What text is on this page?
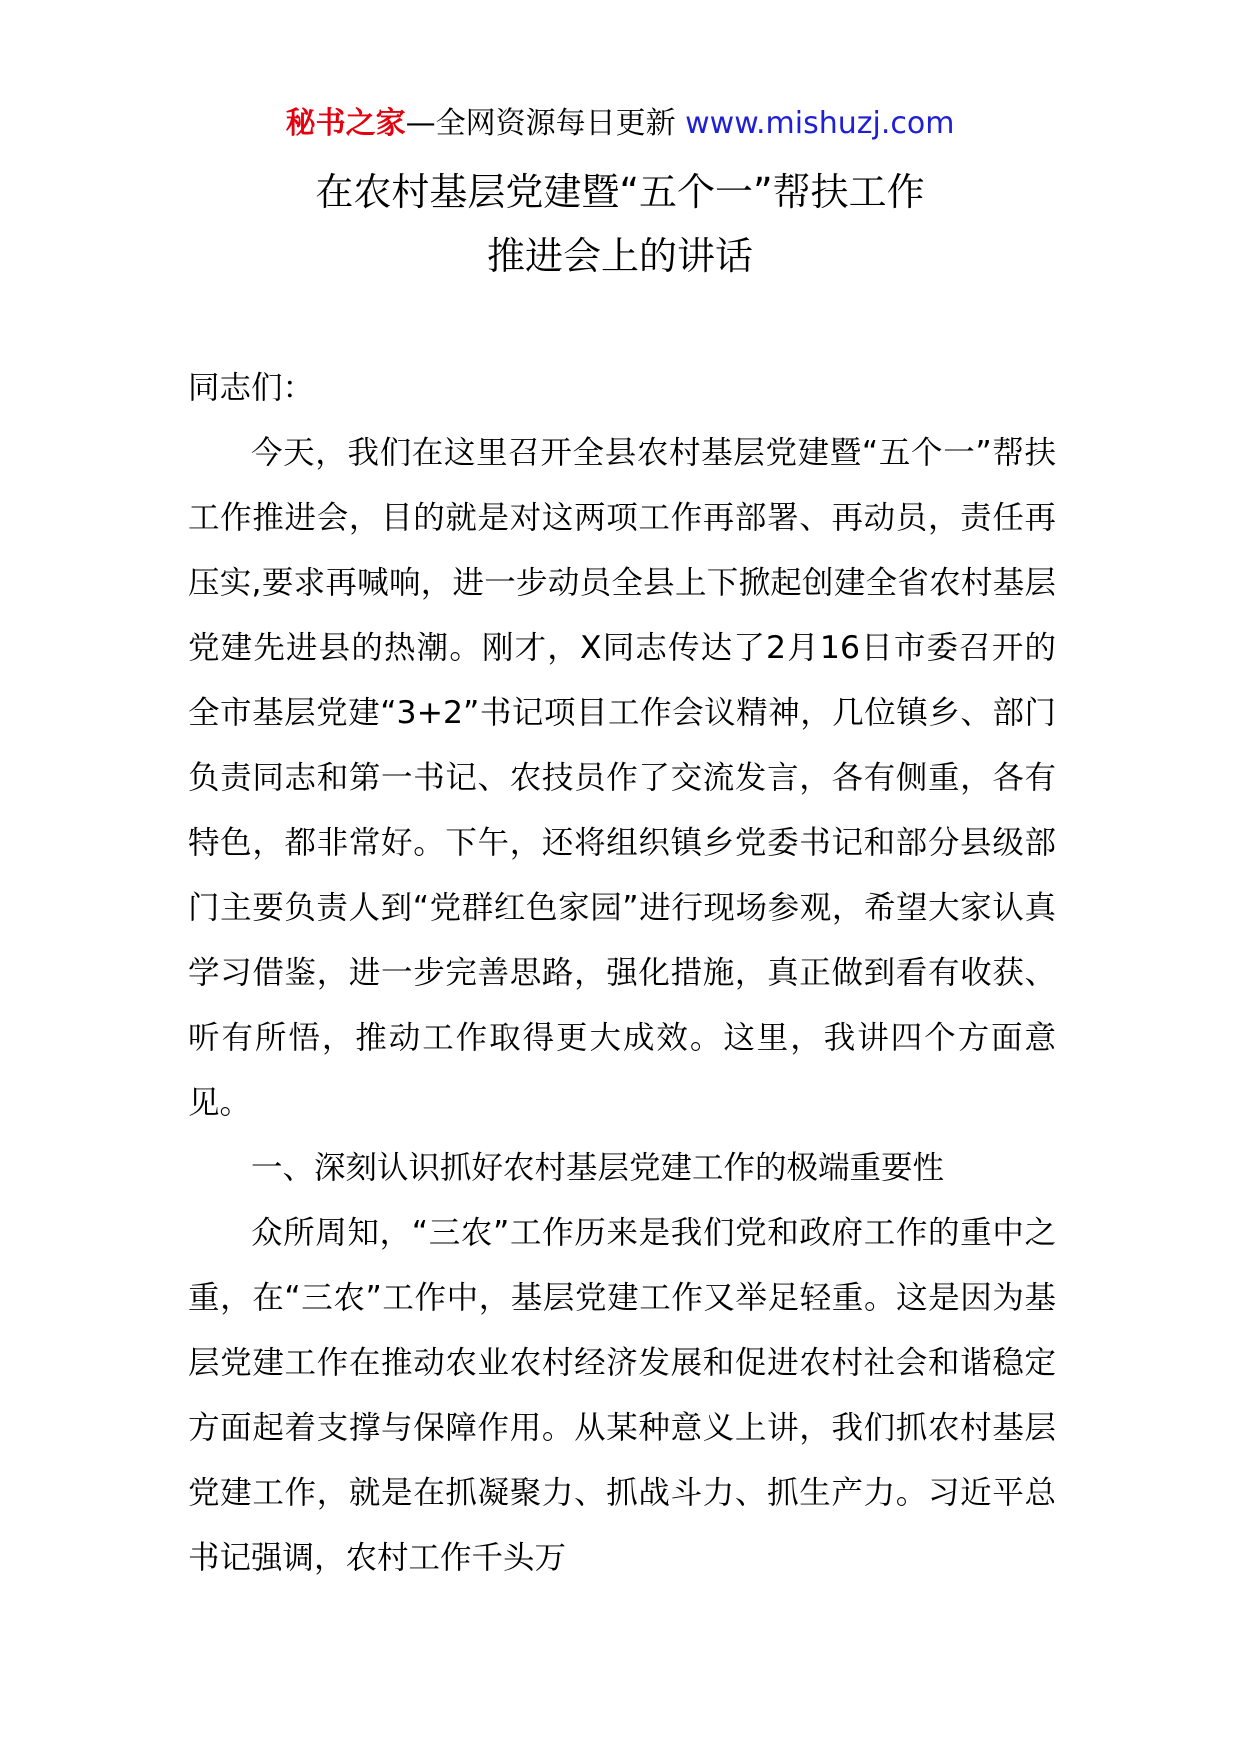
秘书之家—全网资源每日更新 www.mishuzj.com
在农村基层党建暨“五个一”帮扶工作
推进会上的讲话

同志们：

今天，我们在这里召开全县农村基层党建暨“五个一”帮扶工作推进会，目的就是对这两项工作再部署、再动员，责任再压实,要求再喊响，进一步动员全县上下掀起创建全省农村基层党建先进县的热潮。刚才，X同志传达了2月16日市委召开的全市基层党建“3+2”书记项目工作会议精神，几位镇乡、部门负责同志和第一书记、农技员作了交流发言，各有侧重，各有特色，都非常好。下午，还将组织镇乡党委书记和部分县级部门主要负责人到“党群红色家园”进行现场参观，希望大家认真学习借鉴，进一步完善思路，强化措施，真正做到看有收获、听有所悟，推动工作取得更大成效。这里，我讲四个方面意见。

一、深刻认识抓好农村基层党建工作的极端重要性

众所周知，“三农”工作历来是我们党和政府工作的重中之重，在“三农”工作中，基层党建工作又举足轻重。这是因为基层党建工作在推动农业农村经济发展和促进农村社会和谐稳定方面起着支撑与保障作用。从某种意义上讲，我们抓农村基层党建工作，就是在抓凝聚力、抓战斗力、抓生产力。习近平总书记强调，农村工作千头万
